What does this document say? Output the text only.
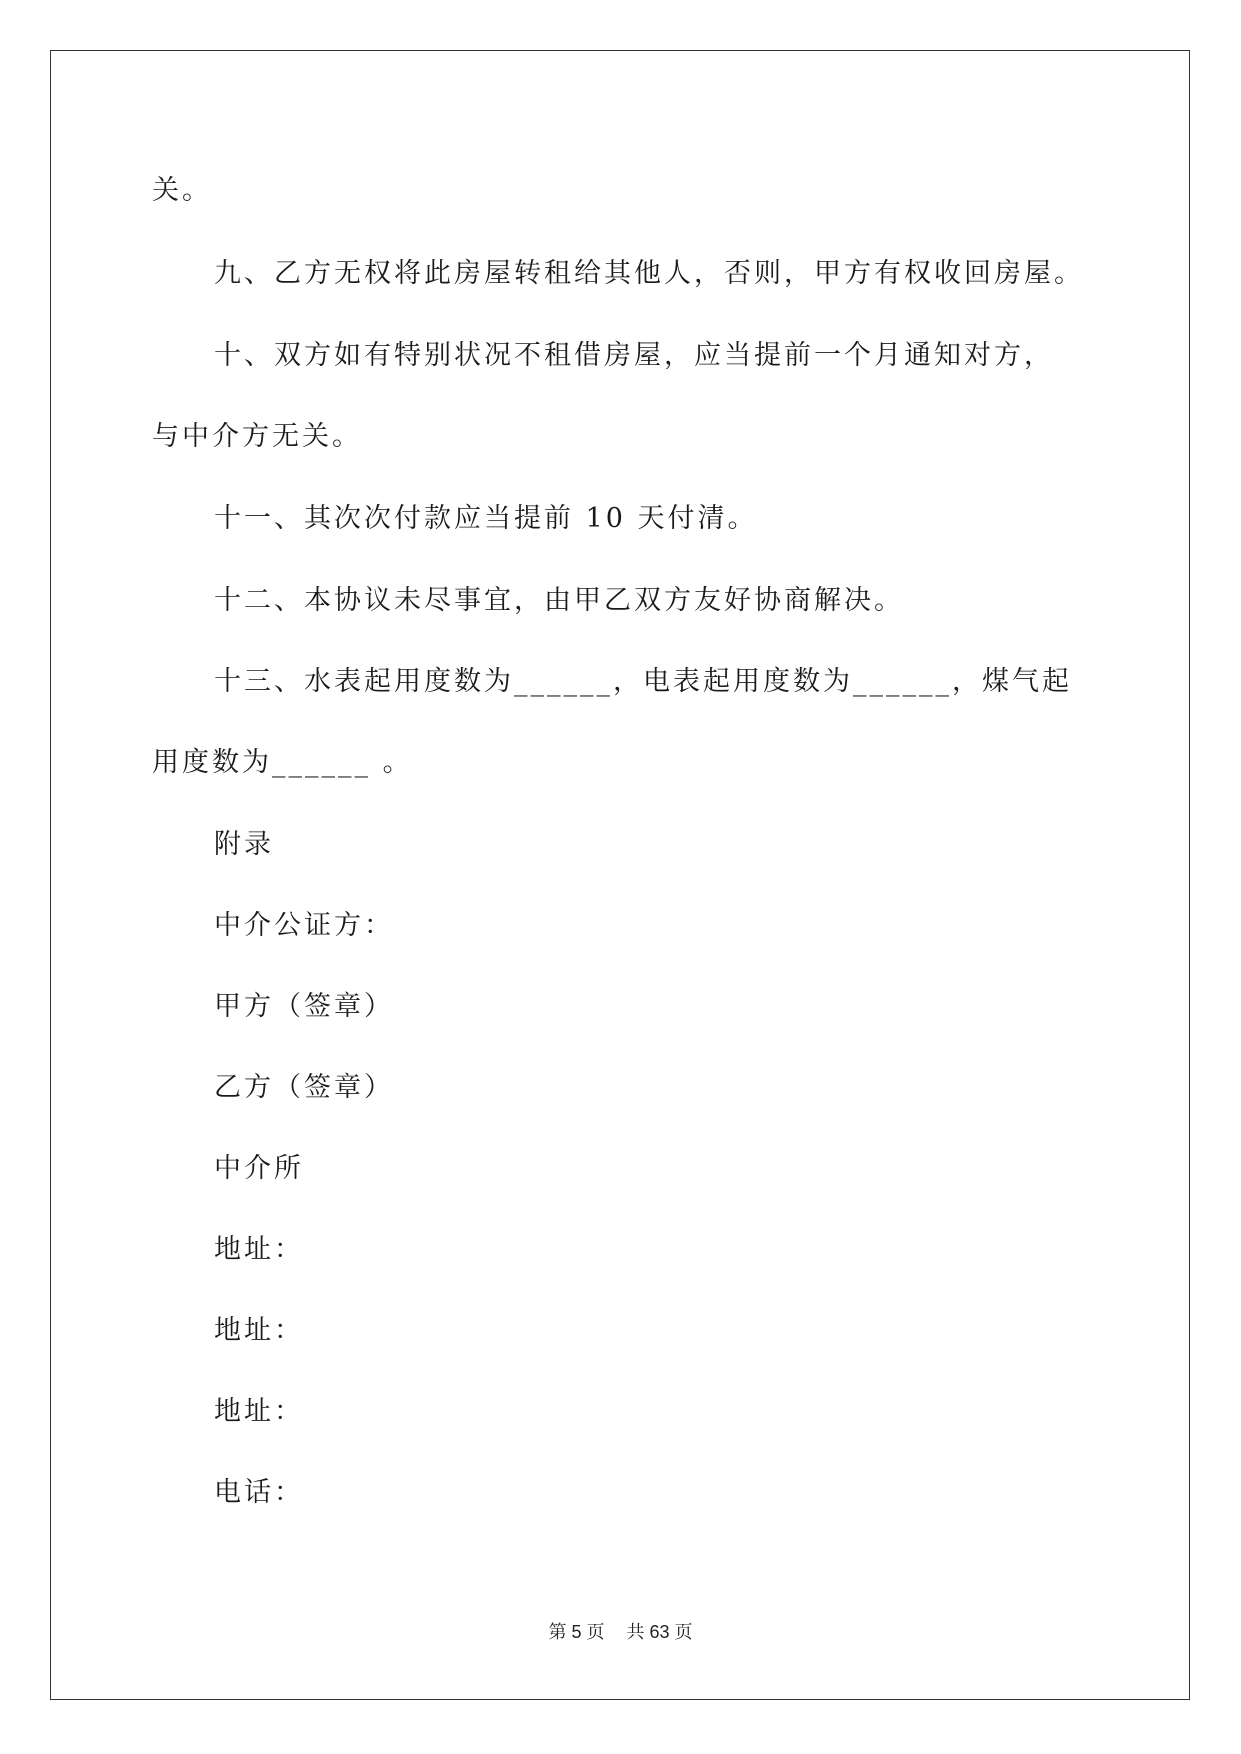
关。
九、乙方无权将此房屋转租给其他人，否则，甲方有权收回房屋。
十、双方如有特别状况不租借房屋，应当提前一个月通知对方，
与中介方无关。
十一、其次次付款应当提前 10 天付清。
十二、本协议未尽事宜，由甲乙双方友好协商解决。
十三、水表起用度数为______，电表起用度数为______，煤气起
用度数为______ 。
附录
中介公证方：
甲方（签章）
乙方（签章）
中介所
地址：
地址：
地址：
电话：
第 5 页 共 63 页
